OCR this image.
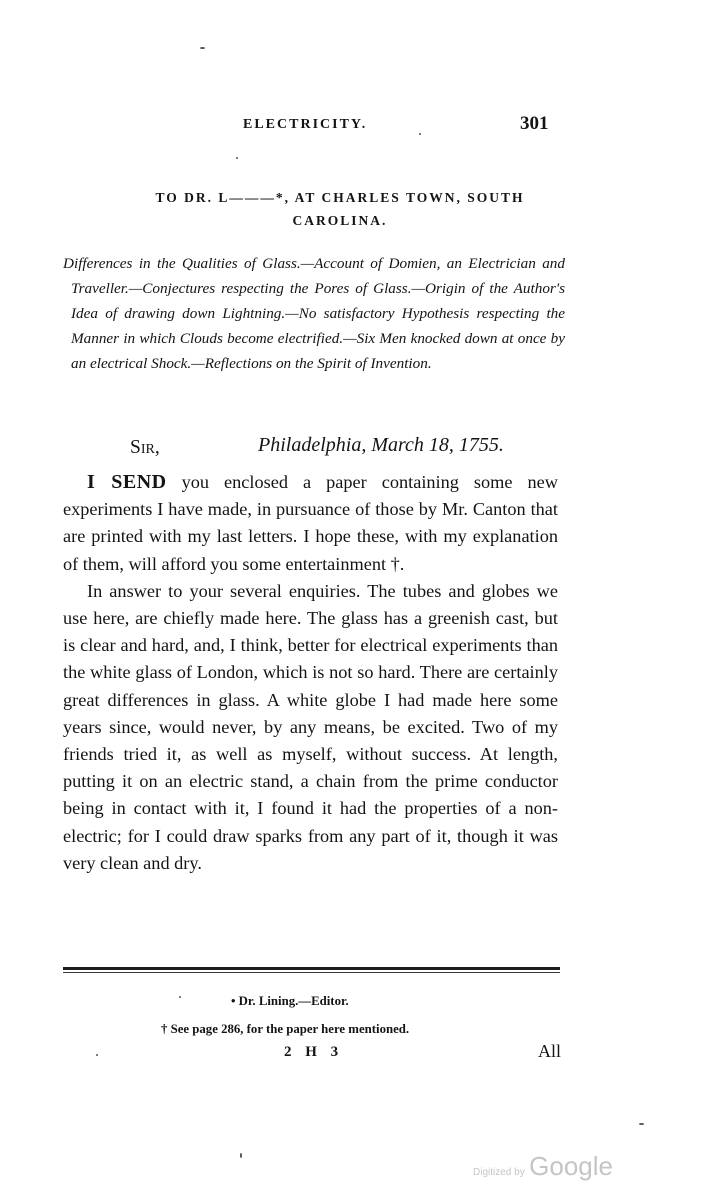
ELECTRICITY.	301
TO DR. L———*, AT CHARLES TOWN, SOUTH
CAROLINA.

Differences in the Qualities of Glass.—Account of Domien, an Electrician and Traveller.—Conjectures respecting the Pores of Glass.—Origin of the Author's Idea of drawing down Lightning.—No satisfactory Hypothesis respecting the Manner in which Clouds become electrified.—Six Men knocked down at once by an electrical Shock.—Reflections on the Spirit of Invention.

Sir,	Philadelphia, March 18, 1755.

I SEND you enclosed a paper containing some new experiments I have made, in pursuance of those by Mr. Canton that are printed with my last letters. I hope these, with my explanation of them, will afford you some entertainment †.

In answer to your several enquiries. The tubes and globes we use here, are chiefly made here. The glass has a greenish cast, but is clear and hard, and, I think, better for electrical experiments than the white glass of London, which is not so hard. There are certainly great differences in glass. A white globe I had made here some years since, would never, by any means, be excited. Two of my friends tried it, as well as myself, without success. At length, putting it on an electric stand, a chain from the prime conductor being in contact with it, I found it had the properties of a non-electric; for I could draw sparks from any part of it, though it was very clean and dry.

• Dr. Lining.—Editor.
† See page 286, for the paper here mentioned.
2 H 3	All
Digitized by Google
